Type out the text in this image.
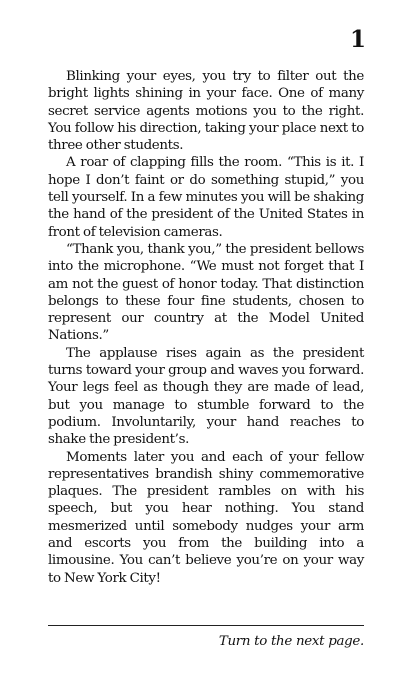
1

Blinking your eyes, you try to filter out the bright lights shining in your face. One of many secret service agents motions you to the right. You follow his direction, taking your place next to three other students.

A roar of clapping fills the room. “This is it. I hope I don’t faint or do something stupid,” you tell yourself. In a few minutes you will be shaking the hand of the president of the United States in front of television cameras.

“Thank you, thank you,” the president bellows into the microphone. “We must not forget that I am not the guest of honor today. That distinction belongs to these four fine students, chosen to represent our country at the Model United Nations.”

The applause rises again as the president turns toward your group and waves you forward. Your legs feel as though they are made of lead, but you manage to stumble forward to the podium. Involuntarily, your hand reaches to shake the president’s.

Moments later you and each of your fellow representatives brandish shiny commemorative plaques. The president rambles on with his speech, but you hear nothing. You stand mesmerized until somebody nudges your arm and escorts you from the building into a limousine. You can’t believe you’re on your way to New York City!

Turn to the next page.
